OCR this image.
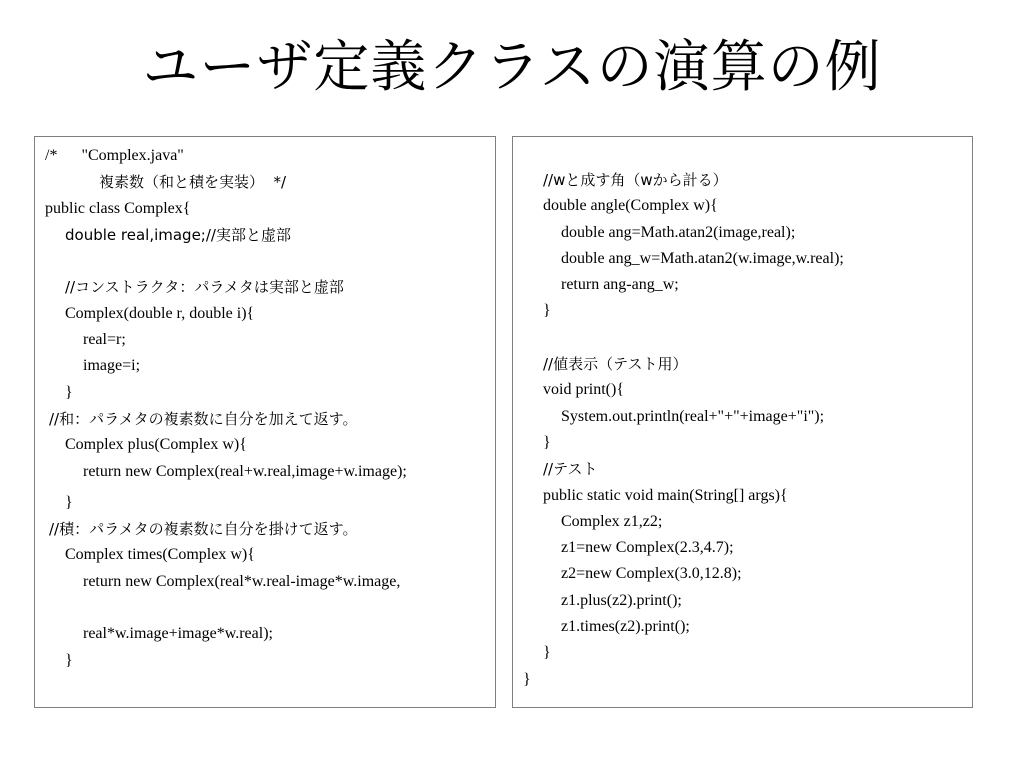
ユーザ定義クラスの演算の例
/*      "Complex.java"
複素数（和と積を実装）  */
public class Complex{
double real,image;//実部と虚部
//コンストラクタ：パラメタは実部と虚部
Complex(double r, double i){
real=r;
image=i;
}
//和：パラメタの複素数に自分を加えて返す。
Complex plus(Complex w){
return new Complex(real+w.real,image+w.image);
}
//積：パラメタの複素数に自分を掛けて返す。
Complex times(Complex w){
return new Complex(real*w.real-image*w.image,
real*w.image+image*w.real);
}
//wと成す角（wから計る）
double angle(Complex w){
double ang=Math.atan2(image,real);
double ang_w=Math.atan2(w.image,w.real);
return ang-ang_w;
}
//値表示（テスト用）
void print(){
System.out.println(real+"+"+image+"i");
}
//テスト
public static void main(String[] args){
Complex z1,z2;
z1=new Complex(2.3,4.7);
z2=new Complex(3.0,12.8);
z1.plus(z2).print();
z1.times(z2).print();
}
}
